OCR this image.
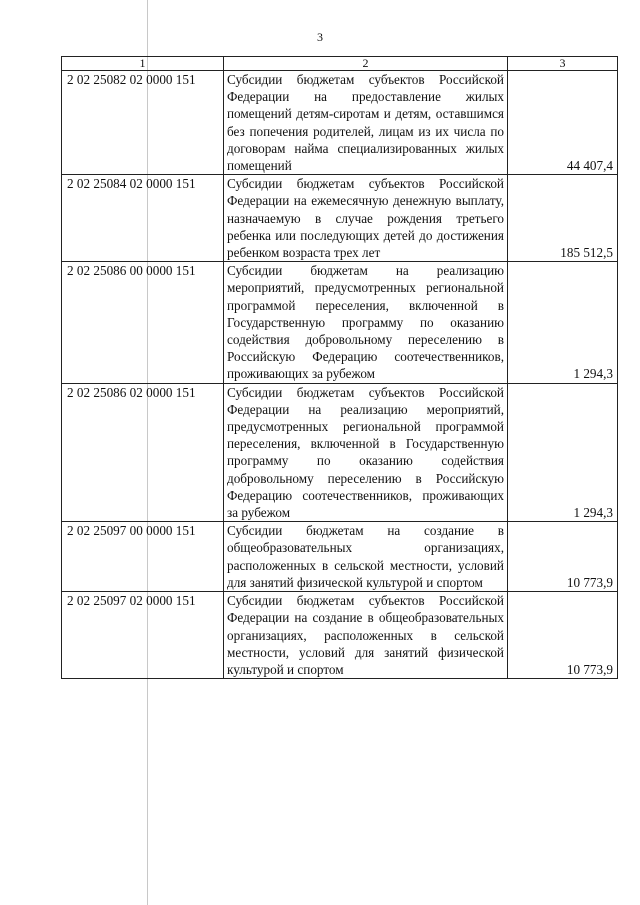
3
1	2	3
2 02 25082 02 0000 151	Субсидии бюджетам субъектов Российской Федерации на предоставление жилых помещений детям-сиротам и детям, оставшимся без попечения родителей, лицам из их числа по договорам найма специализированных жилых помещений	44 407,4
2 02 25084 02 0000 151	Субсидии бюджетам субъектов Российской Федерации на ежемесячную денежную выплату, назначаемую в случае рождения третьего ребенка или последующих детей до достижения ребенком возраста трех лет	185 512,5
2 02 25086 00 0000 151	Субсидии бюджетам на реализацию мероприятий, предусмотренных региональной программой переселения, включенной в Государственную программу по оказанию содействия добровольному переселению в Российскую Федерацию соотечественников, проживающих за рубежом	1 294,3
2 02 25086 02 0000 151	Субсидии бюджетам субъектов Российской Федерации на реализацию мероприятий, предусмотренных региональной программой переселения, включенной в Государственную программу по оказанию содействия добровольному переселению в Российскую Федерацию соотечественников, проживающих за рубежом	1 294,3
2 02 25097 00 0000 151	Субсидии бюджетам на создание в общеобразовательных организациях, расположенных в сельской местности, условий для занятий физической культурой и спортом	10 773,9
2 02 25097 02 0000 151	Субсидии бюджетам субъектов Российской Федерации на создание в общеобразовательных организациях, расположенных в сельской местности, условий для занятий физической культурой и спортом	10 773,9
